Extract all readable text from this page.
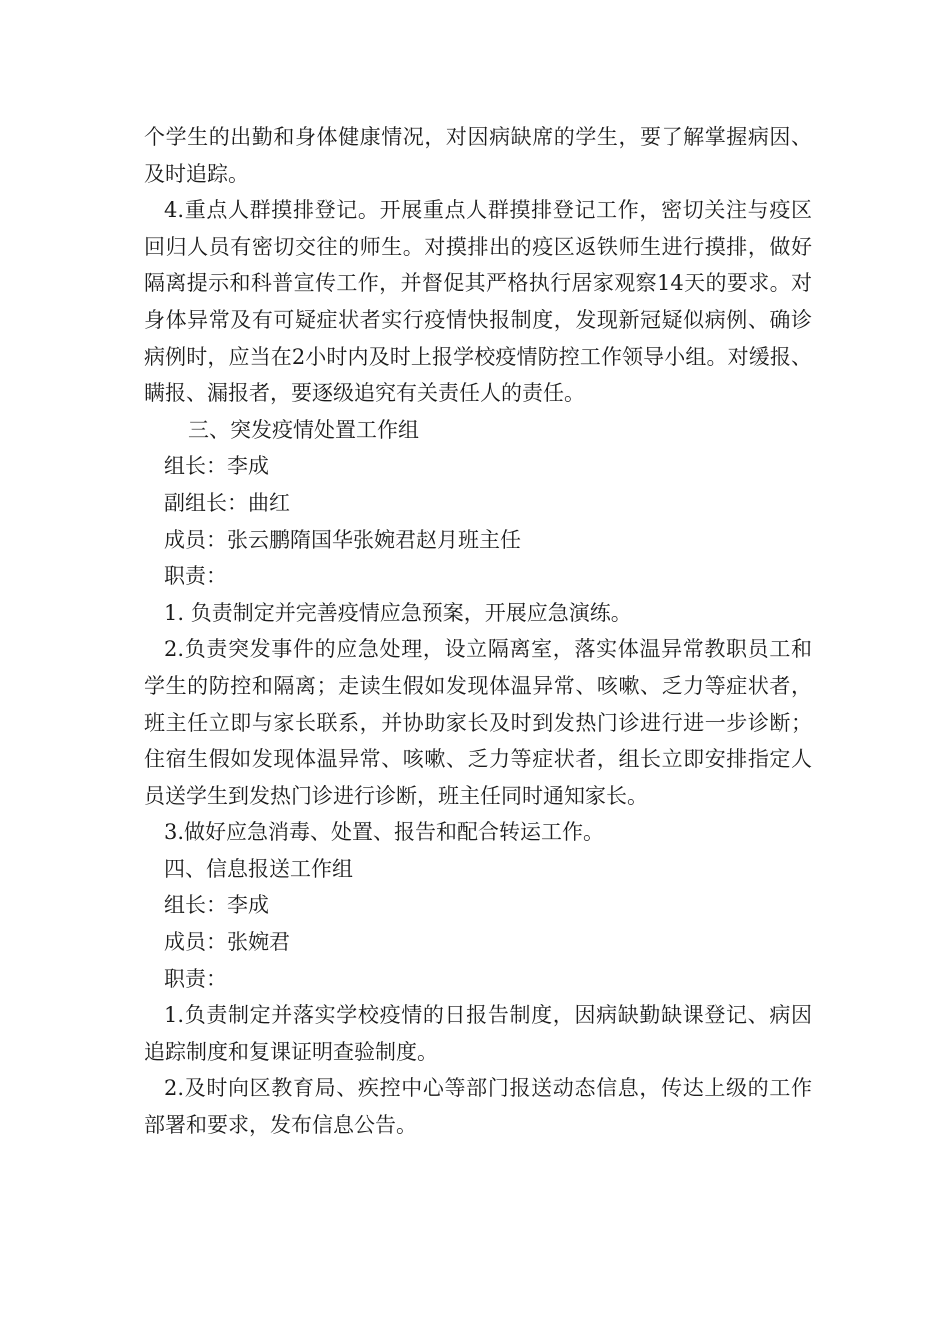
个学生的出勤和身体健康情况，对因病缺席的学生，要了解掌握病因、及时追踪。

4.重点人群摸排登记。开展重点人群摸排登记工作，密切关注与疫区回归人员有密切交往的师生。对摸排出的疫区返铁师生进行摸排，做好隔离提示和科普宣传工作，并督促其严格执行居家观察14天的要求。对身体异常及有可疑症状者实行疫情快报制度，发现新冠疑似病例、确诊病例时，应当在2小时内及时上报学校疫情防控工作领导小组。对缓报、瞒报、漏报者，要逐级追究有关责任人的责任。

三、突发疫情处置工作组

组长：李成

副组长：曲红

成员：张云鹏隋国华张婉君赵月班主任

职责：

1. 负责制定并完善疫情应急预案，开展应急演练。

2.负责突发事件的应急处理，设立隔离室，落实体温异常教职员工和学生的防控和隔离；走读生假如发现体温异常、咳嗽、乏力等症状者，班主任立即与家长联系，并协助家长及时到发热门诊进行进一步诊断；住宿生假如发现体温异常、咳嗽、乏力等症状者，组长立即安排指定人员送学生到发热门诊进行诊断，班主任同时通知家长。

3.做好应急消毒、处置、报告和配合转运工作。

四、信息报送工作组

组长：李成

成员：张婉君

职责：

1.负责制定并落实学校疫情的日报告制度，因病缺勤缺课登记、病因追踪制度和复课证明查验制度。

2.及时向区教育局、疾控中心等部门报送动态信息，传达上级的工作部署和要求，发布信息公告。
